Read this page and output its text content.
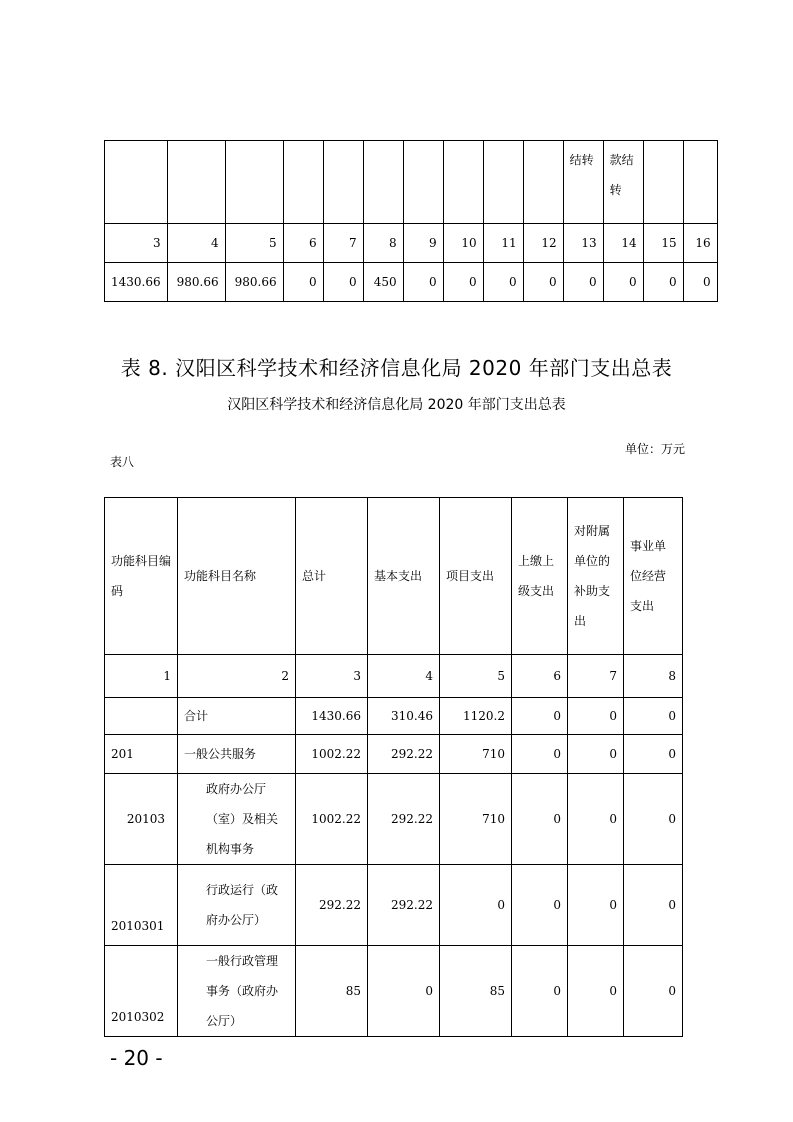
										结转	款结转		
3	4	5	6	7	8	9	10	11	12	13	14	15	16
1430.66	980.66	980.66	0	0	450	0	0	0	0	0	0	0	0
表 8. 汉阳区科学技术和经济信息化局 2020 年部门支出总表
汉阳区科学技术和经济信息化局 2020 年部门支出总表
表八
单位：万元
功能科目编码	功能科目名称	总计	基本支出	项目支出	上缴上级支出	对附属单位的补助支出	事业单位经营支出
1	2	3	4	5	6	7	8
	合计	1430.66	310.46	1120.2	0	0	0
201	一般公共服务	1002.22	292.22	710	0	0	0
20103	政府办公厅（室）及相关机构事务	1002.22	292.22	710	0	0	0
2010301	行政运行（政府办公厅）	292.22	292.22	0	0	0	0
2010302	一般行政管理事务（政府办公厅）	85	0	85	0	0	0
- 20 -
